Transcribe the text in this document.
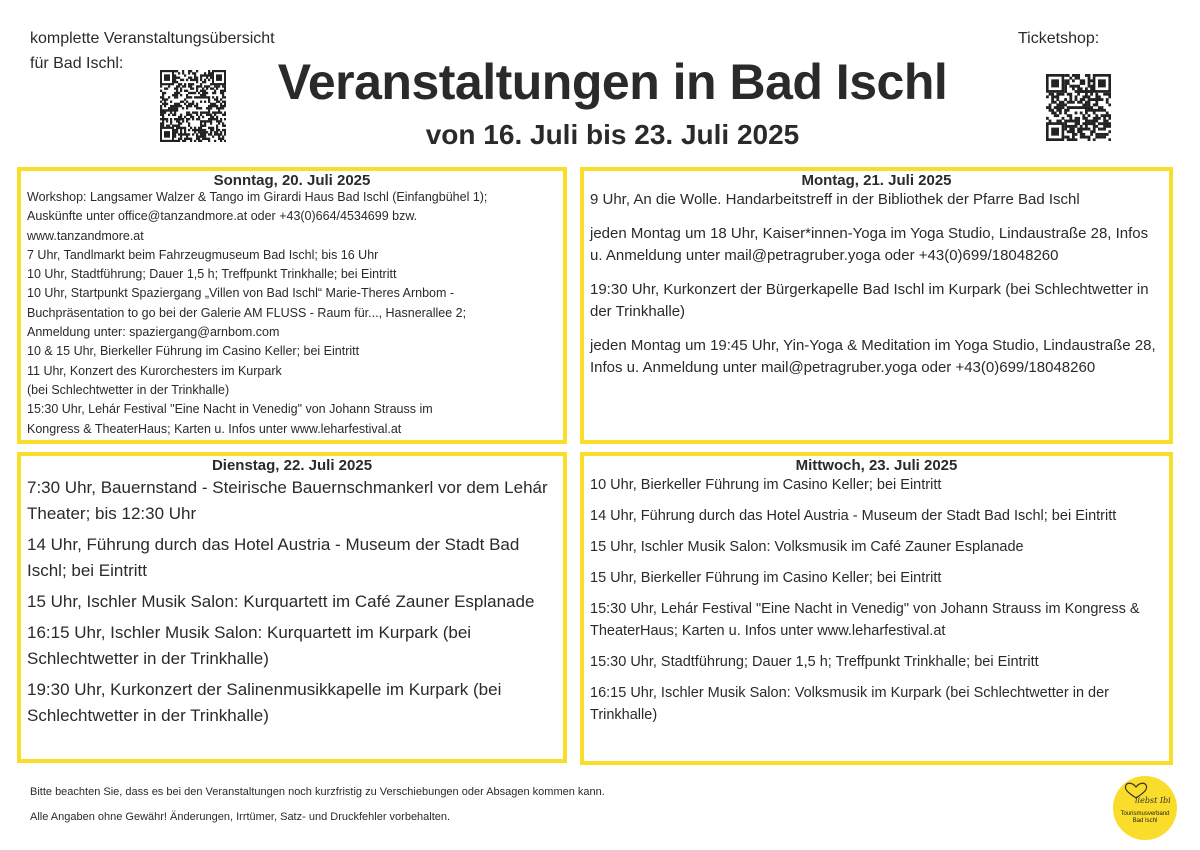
komplette Veranstaltungsübersicht
für Bad Ischl:	Veranstaltungen in Bad Ischl
von 16. Juli bis 23. Juli 2025
Ticketshop:
Sonntag, 20. Juli 2025

Workshop: Langsamer Walzer & Tango im Girardi Haus Bad Ischl (Einfangbühel 1);

Auskünfte unter office@tanzandmore.at oder +43(0)664/4534699 bzw.

www.tanzandmore.at

7 Uhr, Tandlmarkt beim Fahrzeugmuseum Bad Ischl; bis 16 Uhr

10 Uhr, Stadtführung; Dauer 1,5 h; Treffpunkt Trinkhalle; bei Eintritt

10 Uhr, Startpunkt Spaziergang „Villen von Bad Ischl“ Marie-Theres Arnbom -

Buchpräsentation to go bei der Galerie AM FLUSS - Raum für..., Hasnerallee 2;

Anmeldung unter: spaziergang@arnbom.com

10 & 15 Uhr, Bierkeller Führung im Casino Keller; bei Eintritt

11 Uhr, Konzert des Kurorchesters im Kurpark

(bei Schlechtwetter in der Trinkhalle)

15:30 Uhr, Lehár Festival "Eine Nacht in Venedig" von Johann Strauss im

Kongress & TheaterHaus; Karten u. Infos unter www.leharfestival.at

Montag, 21. Juli 2025

9 Uhr, An die Wolle. Handarbeitstreff in der Bibliothek der Pfarre Bad Ischl

jeden Montag um 18 Uhr, Kaiser*innen-Yoga im Yoga Studio, Lindaustraße 28, Infos u. Anmeldung unter mail@petragruber.yoga oder +43(0)699/18048260

19:30 Uhr, Kurkonzert der Bürgerkapelle Bad Ischl im Kurpark (bei Schlechtwetter in der Trinkhalle)

jeden Montag um 19:45 Uhr, Yin-Yoga & Meditation im Yoga Studio, Lindaustraße 28, Infos u. Anmeldung unter mail@petragruber.yoga oder +43(0)699/18048260

Dienstag, 22. Juli 2025

7:30 Uhr, Bauernstand - Steirische Bauernschmankerl vor dem Lehár Theater; bis 12:30 Uhr

14 Uhr, Führung durch das Hotel Austria - Museum der Stadt Bad Ischl; bei Eintritt

15 Uhr, Ischler Musik Salon: Kurquartett im Café Zauner Esplanade

16:15 Uhr, Ischler Musik Salon: Kurquartett im Kurpark (bei Schlechtwetter in der Trinkhalle)

19:30 Uhr, Kurkonzert der Salinenmusikkapelle im Kurpark (bei Schlechtwetter in der Trinkhalle)

Mittwoch, 23. Juli 2025

10 Uhr, Bierkeller Führung im Casino Keller; bei Eintritt

14 Uhr, Führung durch das Hotel Austria - Museum der Stadt Bad Ischl; bei Eintritt

15 Uhr, Ischler Musik Salon: Volksmusik im Café Zauner Esplanade

15 Uhr, Bierkeller Führung im Casino Keller; bei Eintritt

15:30 Uhr, Lehár Festival "Eine Nacht in Venedig" von Johann Strauss im Kongress & TheaterHaus; Karten u. Infos unter www.leharfestival.at

15:30 Uhr, Stadtführung; Dauer 1,5 h; Treffpunkt Trinkhalle; bei Eintritt

16:15 Uhr, Ischler Musik Salon: Volksmusik im Kurpark (bei Schlechtwetter in der Trinkhalle)

Bitte beachten Sie, dass es bei den Veranstaltungen noch kurzfristig zu Verschiebungen oder Absagen kommen kann.
Alle Angaben ohne Gewähr! Änderungen, Irrtümer, Satz- und Druckfehler vorbehalten.
liebst Ibi
Tourismusverband
Bad Ischl
